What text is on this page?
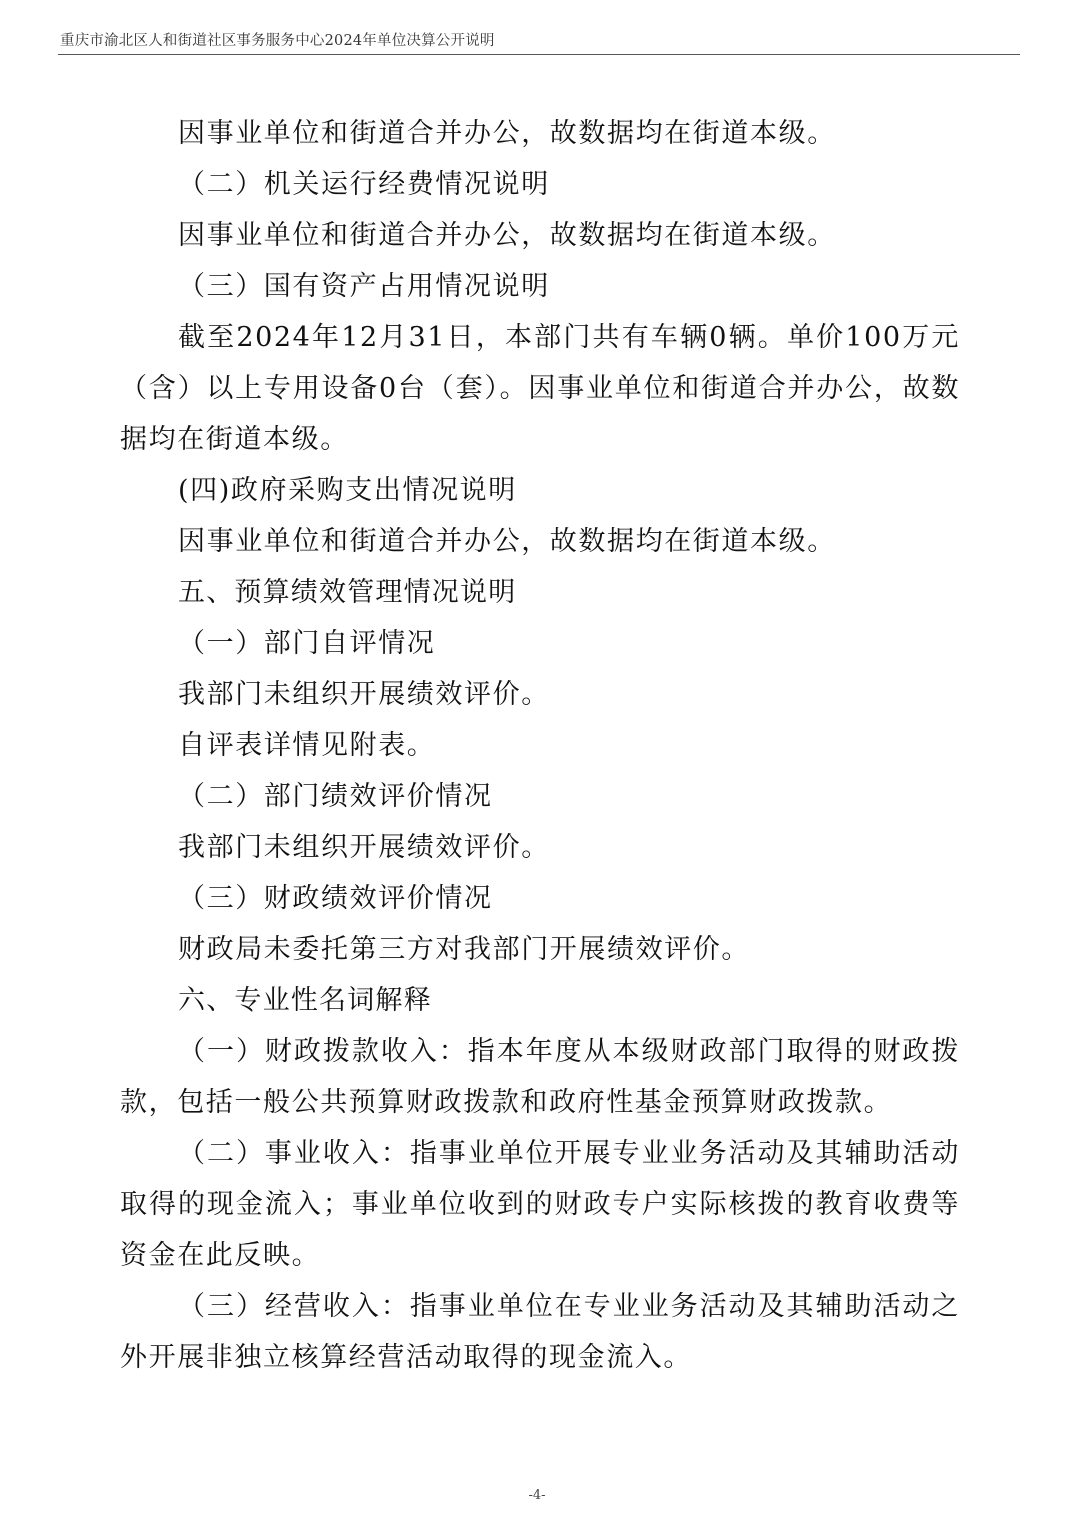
重庆市渝北区人和街道社区事务服务中心2024年单位决算公开说明

因事业单位和街道合并办公，故数据均在街道本级。

（二）机关运行经费情况说明

因事业单位和街道合并办公，故数据均在街道本级。

（三）国有资产占用情况说明

截至2024年12月31日，本部门共有车辆0辆。单价100万元（含）以上专用设备0台（套）。因事业单位和街道合并办公，故数据均在街道本级。

(四)政府采购支出情况说明

因事业单位和街道合并办公，故数据均在街道本级。

五、预算绩效管理情况说明

（一）部门自评情况

我部门未组织开展绩效评价。

自评表详情见附表。

（二）部门绩效评价情况

我部门未组织开展绩效评价。

（三）财政绩效评价情况

财政局未委托第三方对我部门开展绩效评价。

六、专业性名词解释

（一）财政拨款收入：指本年度从本级财政部门取得的财政拨款，包括一般公共预算财政拨款和政府性基金预算财政拨款。

（二）事业收入：指事业单位开展专业业务活动及其辅助活动取得的现金流入；事业单位收到的财政专户实际核拨的教育收费等资金在此反映。

（三）经营收入：指事业单位在专业业务活动及其辅助活动之外开展非独立核算经营活动取得的现金流入。

-4-
